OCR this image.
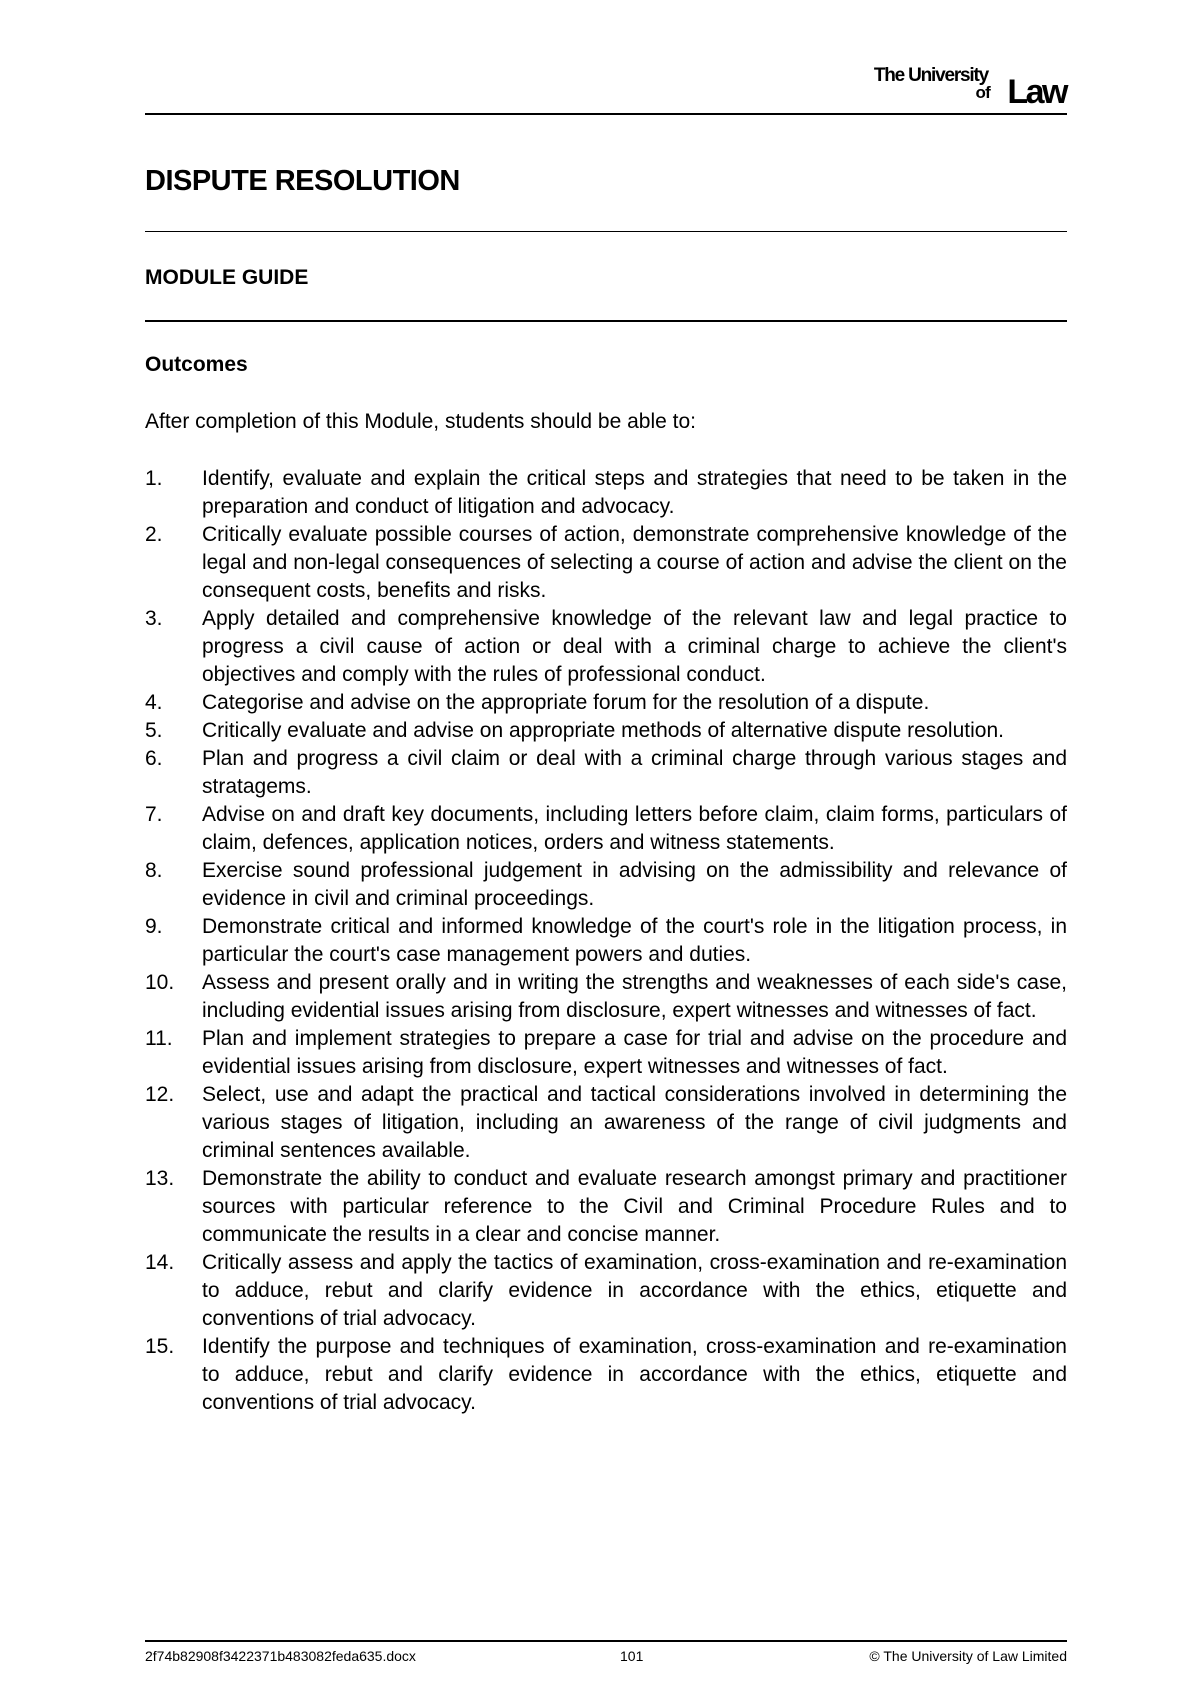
The University
of Law
DISPUTE RESOLUTION
MODULE GUIDE
Outcomes

After completion of this Module, students should be able to:

1.	Identify, evaluate and explain the critical steps and strategies that need to be taken in the preparation and conduct of litigation and advocacy.
2.	Critically evaluate possible courses of action, demonstrate comprehensive knowledge of the legal and non-legal consequences of selecting a course of action and advise the client on the consequent costs, benefits and risks.
3.	Apply detailed and comprehensive knowledge of the relevant law and legal practice to progress a civil cause of action or deal with a criminal charge to achieve the client's objectives and comply with the rules of professional conduct.
4.	Categorise and advise on the appropriate forum for the resolution of a dispute.
5.	Critically evaluate and advise on appropriate methods of alternative dispute resolution.
6.	Plan and progress a civil claim or deal with a criminal charge through various stages and stratagems.
7.	Advise on and draft key documents, including letters before claim, claim forms, particulars of claim, defences, application notices, orders and witness statements.
8.	Exercise sound professional judgement in advising on the admissibility and relevance of evidence in civil and criminal proceedings.
9.	Demonstrate critical and informed knowledge of the court's role in the litigation process, in particular the court's case management powers and duties.
10.	Assess and present orally and in writing the strengths and weaknesses of each side's case, including evidential issues arising from disclosure, expert witnesses and witnesses of fact.
11.	Plan and implement strategies to prepare a case for trial and advise on the procedure and evidential issues arising from disclosure, expert witnesses and witnesses of fact.
12.	Select, use and adapt the practical and tactical considerations involved in determining the various stages of litigation, including an awareness of the range of civil judgments and criminal sentences available.
13.	Demonstrate the ability to conduct and evaluate research amongst primary and practitioner sources with particular reference to the Civil and Criminal Procedure Rules and to communicate the results in a clear and concise manner.
14.	Critically assess and apply the tactics of examination, cross-examination and re-examination to adduce, rebut and clarify evidence in accordance with the ethics, etiquette and conventions of trial advocacy.
15.	Identify the purpose and techniques of examination, cross-examination and re-examination to adduce, rebut and clarify evidence in accordance with the ethics, etiquette and conventions of trial advocacy.
2f74b82908f3422371b483082feda635.docx	101	© The University of Law Limited
